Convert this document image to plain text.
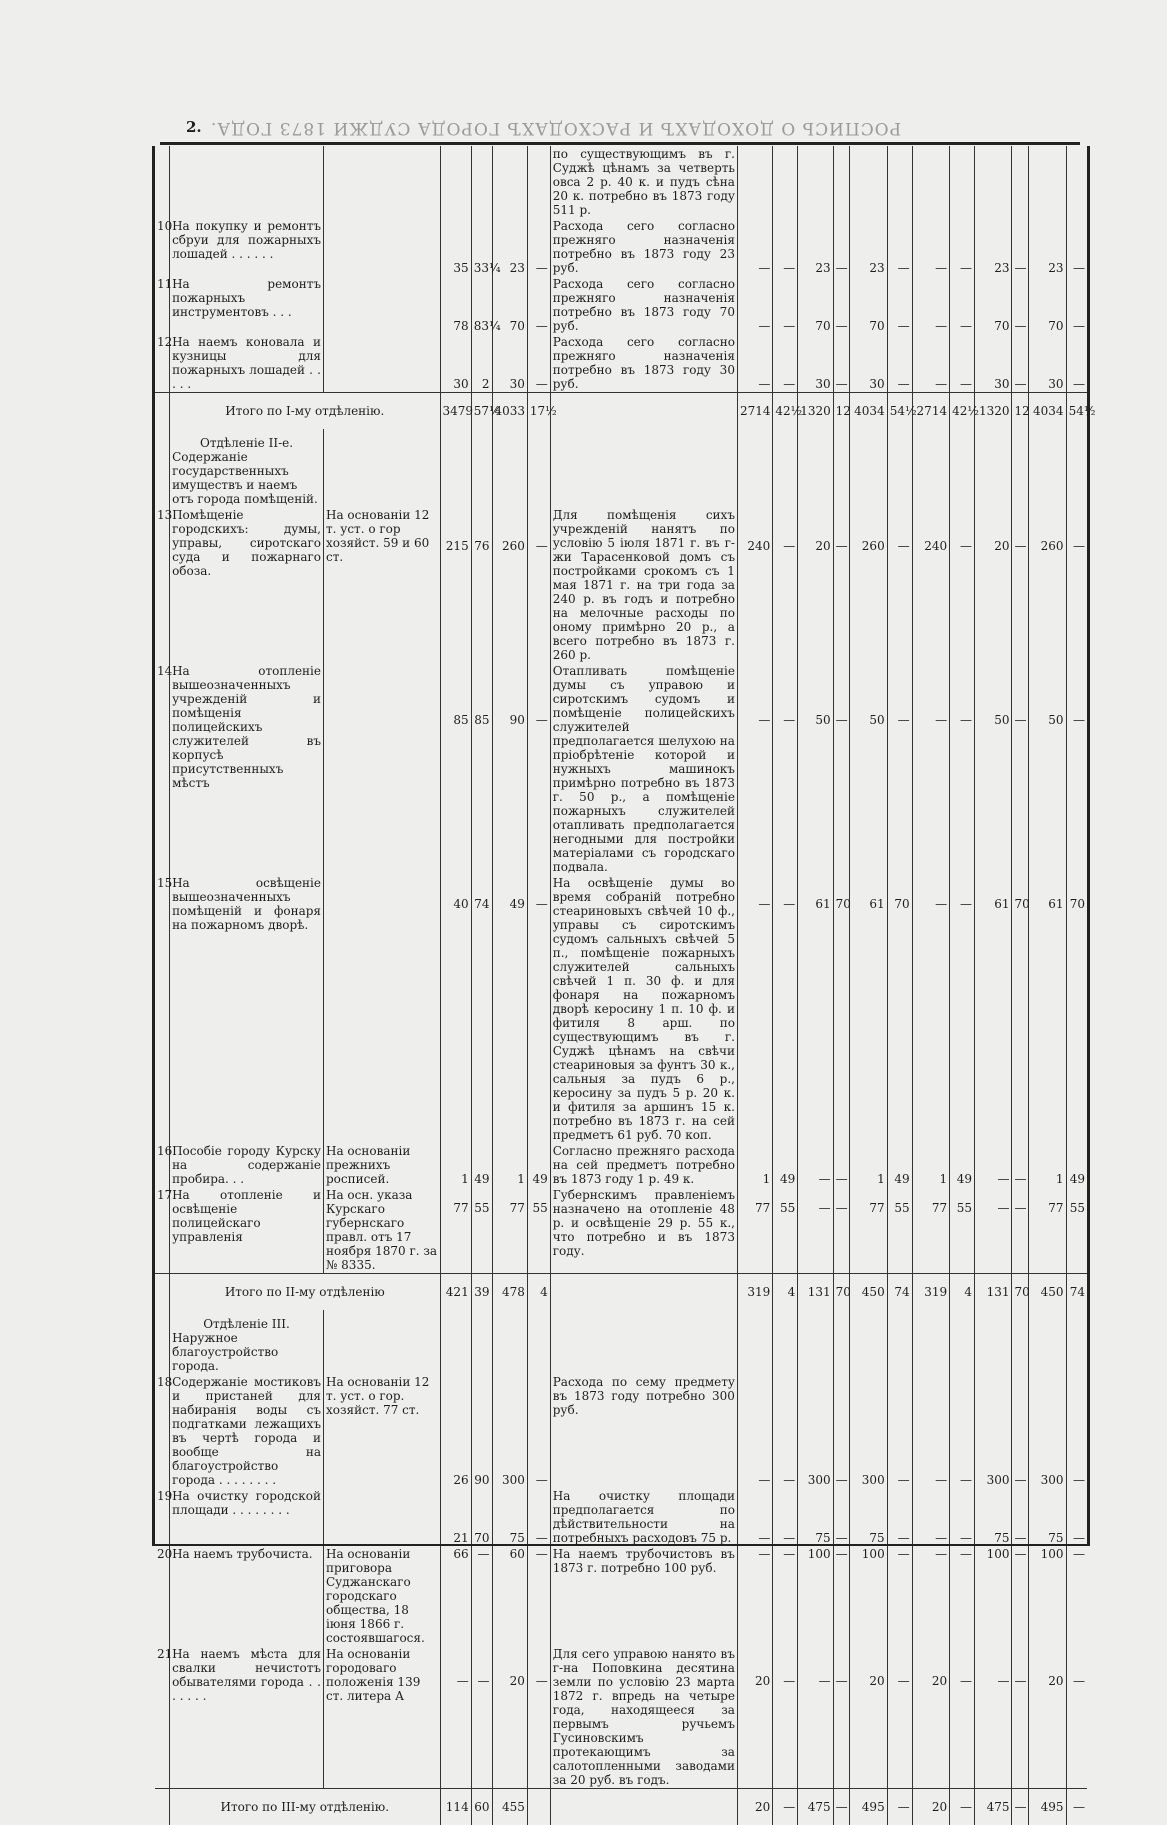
2. РОСПИСЬ О ДОХОДАХЪ И РАСХОДАХЪ ГОРОДА СУДЖИ 1873 ГОДА.
							по существующимъ въ г. Суджѣ цѣнамъ за четверть овса 2 р. 40 к. и пудъ сѣна 20 к. потребно въ 1873 году 511 р.												
10	На покупку и ремонтъ сбруи для пожарныхъ лошадей . . . . . .		35	33¼	23	—	Расхода сего согласно прежняго назначенія потребно въ 1873 году 23 руб.	—	—	23	—	23	—	—	—	23	—	23	—
11	На ремонтъ пожарныхъ инструментовъ . . .		78	83¼	70	—	Расхода сего согласно прежняго назначенія потребно въ 1873 году 70 руб.	—	—	70	—	70	—	—	—	70	—	70	—
12	На наемъ коновала и кузницы для пожарныхъ лошадей . . . . .		30	2	30	—	Расхода сего согласно прежняго назначенія потребно въ 1873 году 30 руб.	—	—	30	—	30	—	—	—	30	—	30	—
	Итого по I-му отдѣленію.		3479	57½	4033	17½		2714	42½	1320	12	4034	54½	2714	42½	1320	12	4034	54½

	Отдѣленіе II-е.
Содержаніе государственныхъ имуществъ и наемъ отъ города помѣщеній.																		

13	Помѣщеніе городскихъ: думы, управы, сиротскаго суда и пожарнаго обоза.	На основаніи 12 т. уст. о гор хозяйст. 59 и 60 ст.	215	76	260	—	Для помѣщенія сихъ учрежденій нанятъ по условію 5 іюля 1871 г. въ г-жи Тарасенковой домъ съ постройками срокомъ съ 1 мая 1871 г. на три года за 240 р. въ годъ и потребно на мелочные расходы по оному примѣрно 20 р., а всего потребно въ 1873 г. 260 р.	240	—	20	—	260	—	240	—	20	—	260	—
14	На отопленіе вышеозначенныхъ учрежденій и помѣщенія полицейскихъ служителей въ корпусѣ присутственныхъ мѣстъ		85	85	90	—	Отапливать помѣщеніе думы съ управою и сиротскимъ судомъ и помѣщеніе полицейскихъ служителей предполагается шелухою на пріобрѣтеніе которой и нужныхъ машинокъ примѣрно потребно въ 1873 г. 50 р., а помѣщеніе пожарныхъ служителей отапливать предполагается негодными для постройки матеріалами съ городскаго подвала.	—	—	50	—	50	—	—	—	50	—	50	—
15	На освѣщеніе вышеозначенныхъ помѣщеній и фонаря на пожарномъ дворѣ.		40	74	49	—	На освѣщеніе думы во время собраній потребно стеариновыхъ свѣчей 10 ф., управы съ сиротскимъ судомъ сальныхъ свѣчей 5 п., помѣщеніе пожарныхъ служителей сальныхъ свѣчей 1 п. 30 ф. и для фонаря на пожарномъ дворѣ керосину 1 п. 10 ф. и фитиля 8 арш. по существующимъ въ г. Суджѣ цѣнамъ на свѣчи стеариновыя за фунтъ 30 к., сальныя за пудъ 6 р., керосину за пудъ 5 р. 20 к. и фитиля за аршинъ 15 к. потребно въ 1873 г. на сей предметъ 61 руб. 70 коп.	—	—	61	70	61	70	—	—	61	70	61	70
16	Пособіе городу Курску на содержаніе пробира. . .	На основаніи прежнихъ росписей.	1	49	1	49	Согласно прежняго расхода на сей предметъ потребно въ 1873 году 1 р. 49 к.	1	49	—	—	1	49	1	49	—	—	1	49
17	На отопленіе и освѣщеніе полицейскаго управленія	На осн. указа Курскаго губернскаго правл. отъ 17 ноября 1870 г. за № 8335.	77	55	77	55	Губернскимъ правленіемъ назначено на отопленіе 48 р. и освѣщеніе 29 р. 55 к., что потребно и въ 1873 году.	77	55	—	—	77	55	77	55	—	—	77	55
	Итого по II-му отдѣленію		421	39	478	4		319	4	131	70	450	74	319	4	131	70	450	74

	Отдѣленіе III.
Наружное благоустройство города.																		

18	Содержаніе мостиковъ и пристаней для набиранія воды съ подгатками лежащихъ въ чертѣ города и вообще на благоустройство города . . . . . . . .	На основаніи 12 т. уст. о гор. хозяйст. 77 ст.	26	90	300	—	Расхода по сему предмету въ 1873 году потребно 300 руб.	—	—	300	—	300	—	—	—	300	—	300	—
19	На очистку городской площади . . . . . . . .		21	70	75	—	На очистку площади предполагается по дѣйствительности на потребныхъ расходовъ 75 р.	—	—	75	—	75	—	—	—	75	—	75	—
20	На наемъ трубочиста.	На основаніи приговора Суджанскаго городскаго общества, 18 іюня 1866 г. состоявшагося.	66	—	60	—	На наемъ трубочистовъ въ 1873 г. потребно 100 руб.	—	—	100	—	100	—	—	—	100	—	100	—
21	На наемъ мѣста для свалки нечистотъ обывателями города . . . . . . .	На основаніи городоваго положенія 139 ст. литера А	—	—	20	—	Для сего управою нанято въ г-на Поповкина десятина земли по условію 23 марта 1872 г. впредь на четыре года, находящееся за первымъ ручьемъ Гусиновскимъ протекающимъ за салотопленными заводами за 20 руб. въ годъ.	20	—	—	—	20	—	20	—	—	—	20	—
	Итого по III-му отдѣленію.		114	60	455			20	—	475	—	495	—	20	—	475	—	495	—
